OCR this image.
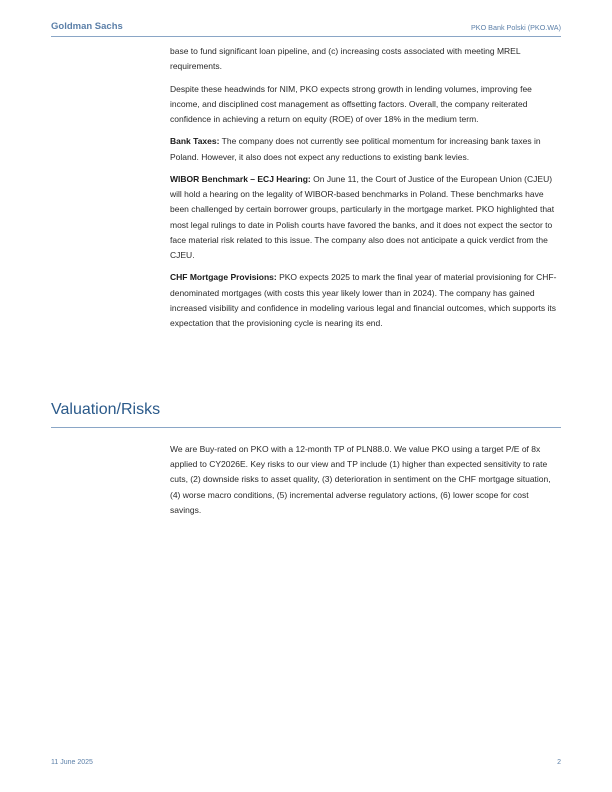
Goldman Sachs	PKO Bank Polski (PKO.WA)

base to fund significant loan pipeline, and (c) increasing costs associated with meeting MREL requirements.

Despite these headwinds for NIM, PKO expects strong growth in lending volumes, improving fee income, and disciplined cost management as offsetting factors. Overall, the company reiterated confidence in achieving a return on equity (ROE) of over 18% in the medium term.

Bank Taxes: The company does not currently see political momentum for increasing bank taxes in Poland. However, it also does not expect any reductions to existing bank levies.

WIBOR Benchmark – ECJ Hearing: On June 11, the Court of Justice of the European Union (CJEU) will hold a hearing on the legality of WIBOR-based benchmarks in Poland. These benchmarks have been challenged by certain borrower groups, particularly in the mortgage market. PKO highlighted that most legal rulings to date in Polish courts have favored the banks, and it does not expect the sector to face material risk related to this issue. The company also does not anticipate a quick verdict from the CJEU.

CHF Mortgage Provisions: PKO expects 2025 to mark the final year of material provisioning for CHF-denominated mortgages (with costs this year likely lower than in 2024). The company has gained increased visibility and confidence in modeling various legal and financial outcomes, which supports its expectation that the provisioning cycle is nearing its end.

Valuation/Risks

We are Buy-rated on PKO with a 12-month TP of PLN88.0. We value PKO using a target P/E of 8x applied to CY2026E. Key risks to our view and TP include (1) higher than expected sensitivity to rate cuts, (2) downside risks to asset quality, (3) deterioration in sentiment on the CHF mortgage situation, (4) worse macro conditions, (5) incremental adverse regulatory actions, (6) lower scope for cost savings.

11 June 2025	2
